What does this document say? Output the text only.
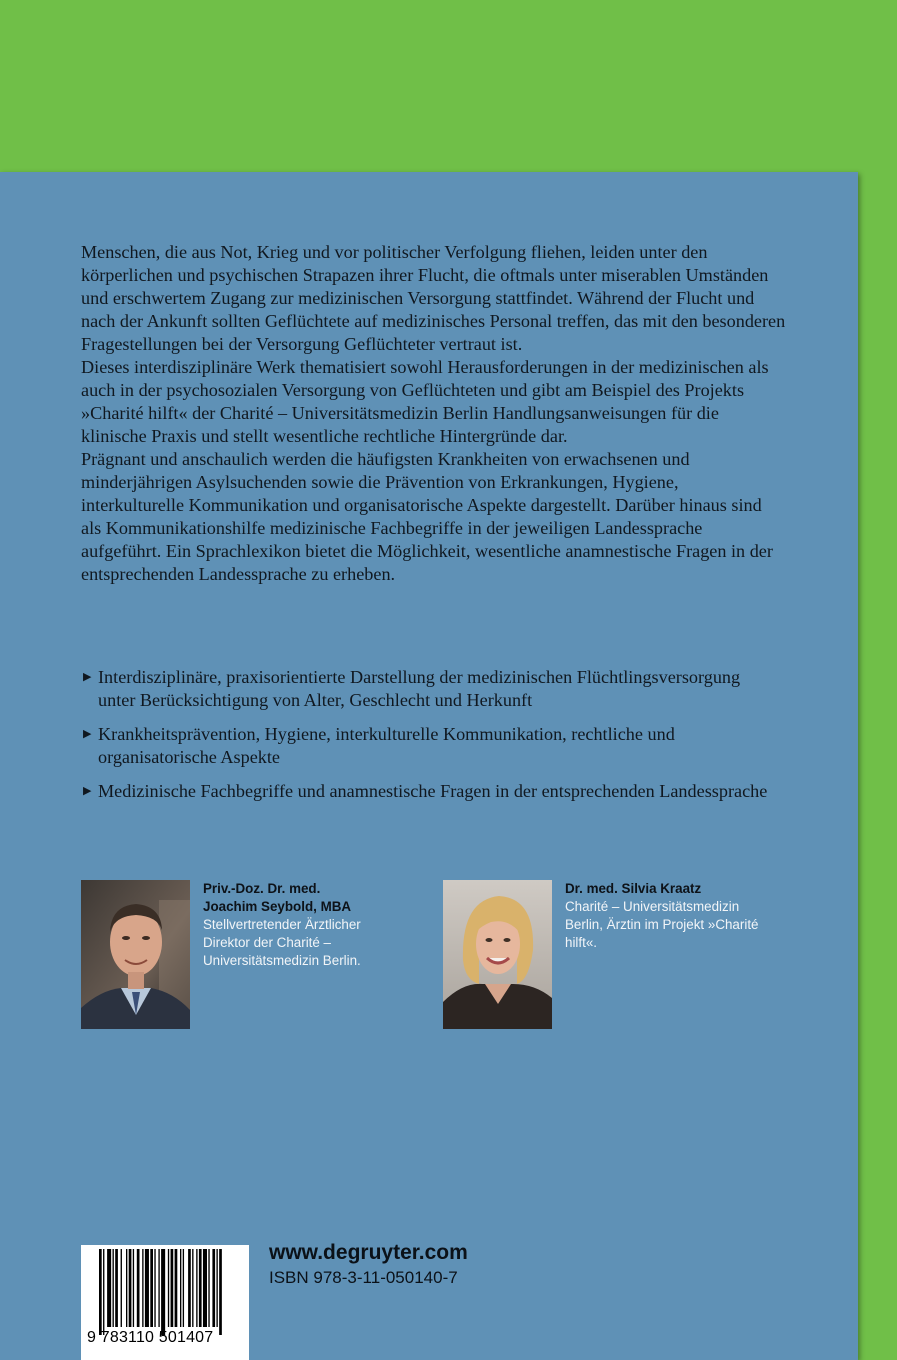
Menschen, die aus Not, Krieg und vor politischer Verfolgung fliehen, leiden unter den körperlichen und psychischen Strapazen ihrer Flucht, die oftmals unter miserablen Umständen und erschwertem Zugang zur medizinischen Versorgung stattfindet. Während der Flucht und nach der Ankunft sollten Geflüchtete auf medizinisches Personal treffen, das mit den besonderen Fragestellungen bei der Versorgung Geflüchteter vertraut ist.

Dieses interdisziplinäre Werk thematisiert sowohl Herausforderungen in der medizinischen als auch in der psychosozialen Versorgung von Geflüchteten und gibt am Beispiel des Projekts »Charité hilft« der Charité – Universitätsmedizin Berlin Handlungsanweisungen für die klinische Praxis und stellt wesentliche rechtliche Hintergründe dar.

Prägnant und anschaulich werden die häufigsten Krankheiten von erwachsenen und minderjährigen Asylsuchenden sowie die Prävention von Erkrankungen, Hygiene, interkulturelle Kommunikation und organisatorische Aspekte dargestellt. Darüber hinaus sind als Kommunikationshilfe medizinische Fachbegriffe in der jeweiligen Landessprache aufgeführt. Ein Sprachlexikon bietet die Möglichkeit, wesentliche anamnestische Fragen in der entsprechenden Landessprache zu erheben.

▶ Interdisziplinäre, praxisorientierte Darstellung der medizinischen Flüchtlingsversorgung unter Berücksichtigung von Alter, Geschlecht und Herkunft
▶ Krankheitsprävention, Hygiene, interkulturelle Kommunikation, rechtliche und organisatorische Aspekte
▶ Medizinische Fachbegriffe und anamnestische Fragen in der entsprechenden Landessprache
Priv.-Doz. Dr. med.
Joachim Seybold, MBA
Stellvertretender Ärztlicher Direktor der Charité – Universitätsmedizin Berlin.
Dr. med. Silvia Kraatz
Charité – Universitätsmedizin Berlin, Ärztin im Projekt »Charité hilft«.
9 783110 501407
www.degruyter.com
ISBN 978-3-11-050140-7
